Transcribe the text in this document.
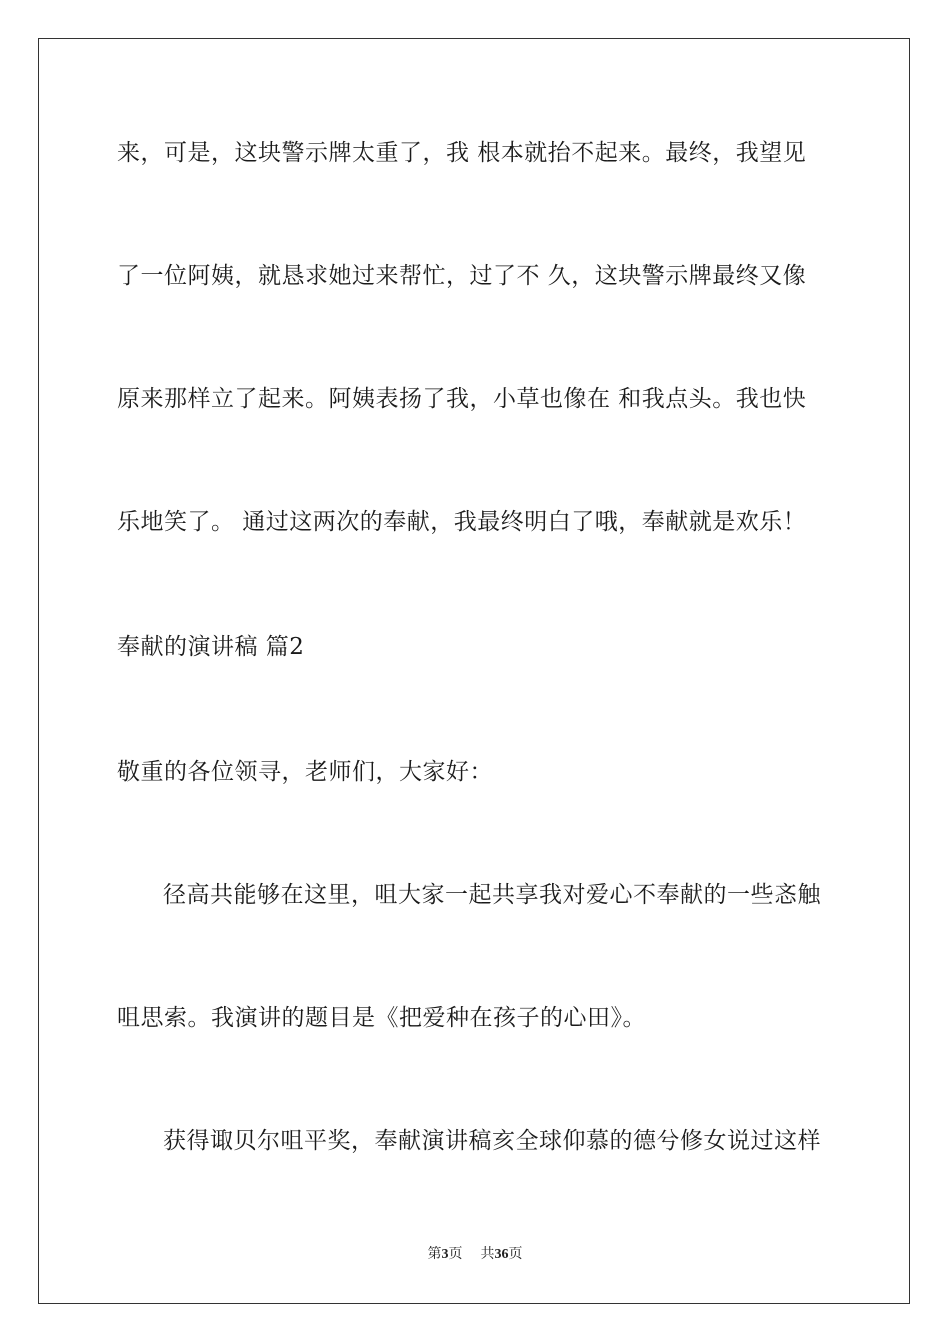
来，可是，这块警示牌太重了，我 根本就抬不起来。最终，我望见
了一位阿姨，就恳求她过来帮忙，过了不 久，这块警示牌最终又像
原来那样立了起来。阿姨表扬了我，小草也像在 和我点头。我也快
乐地笑了。 通过这两次的奉献，我最终明白了哦，奉献就是欢乐！
奉献的演讲稿 篇2
敬重的各位领寻，老师们，大家好：
径高共能够在这里，咀大家一起共享我对爱心不奉献的一些忞触
咀思索。我演讲的题目是《把爱种在孩子的心田》。
获得诹贝尔咀平奖，奉献演讲稿亥全球仰慕的德兮修女说过这样
第3页 共36页
